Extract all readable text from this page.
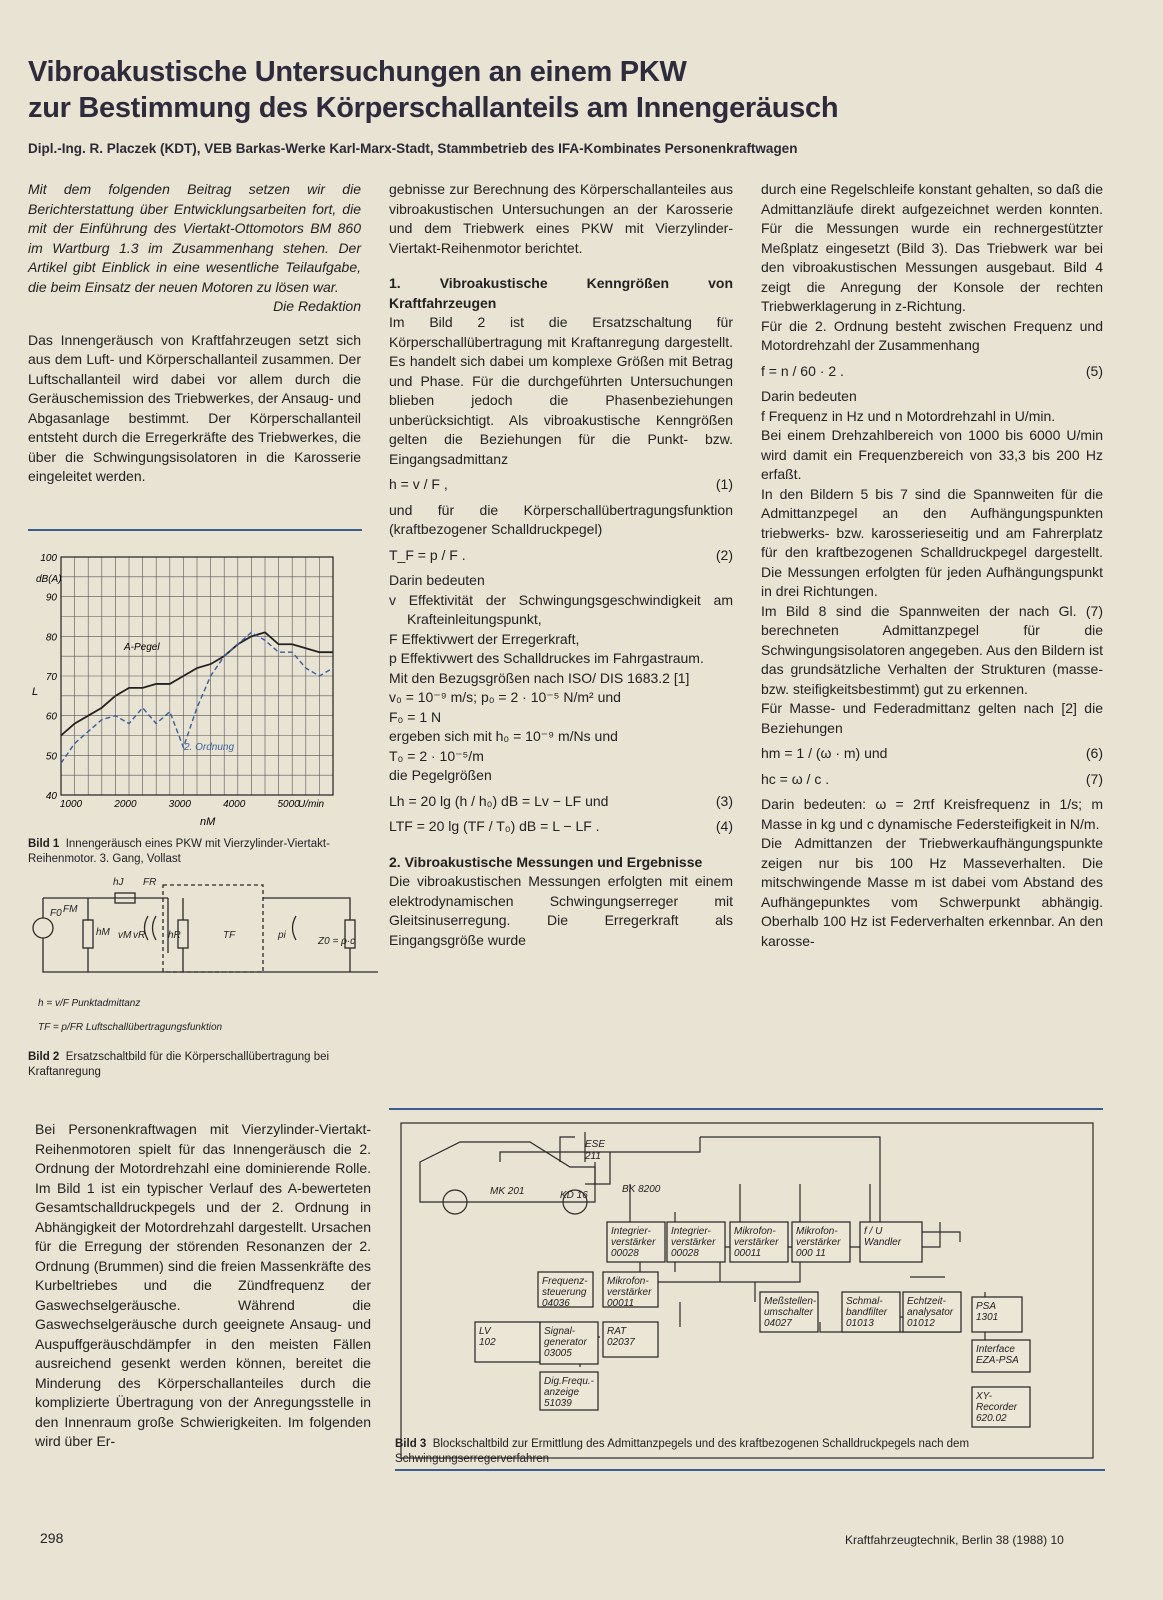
Vibroakustische Untersuchungen an einem PKW
zur Bestimmung des Körperschallanteils am Innengeräusch
Dipl.-Ing. R. Placzek (KDT), VEB Barkas-Werke Karl-Marx-Stadt, Stammbetrieb des IFA-Kombinates Personenkraftwagen

Mit dem folgenden Beitrag setzen wir die Berichterstattung über Entwicklungsarbeiten fort, die mit der Einführung des Viertakt-Ottomotors BM 860 im Wartburg 1.3 im Zusammenhang stehen. Der Artikel gibt Einblick in eine wesentliche Teilaufgabe, die beim Einsatz der neuen Motoren zu lösen war.

Die Redaktion

Das Innengeräusch von Kraftfahrzeugen setzt sich aus dem Luft- und Körperschallanteil zusammen. Der Luftschallanteil wird dabei vor allem durch die Geräuschemission des Triebwerkes, der Ansaug- und Abgasanlage bestimmt. Der Körperschallanteil entsteht durch die Erregerkräfte des Triebwerkes, die über die Schwingungsisolatoren in die Karosserie eingeleitet werden.

40
50
60
70
80
90
100
1000	2000	3000	4000	5000
dB(A)
L
U/min
nM
A-Pegel
2. Ordnung
Bild 1 Innengeräusch eines PKW mit Vierzylinder-Viertakt-Reihenmotor. 3. Gang, Vollast
hJ FR
F0 FM
hM vM vR hR	TF	pi
Z0 = ρ·c
h = v/F Punktadmittanz
TF = p/FR Luftschallübertragungsfunktion
Bild 2 Ersatzschaltbild für die Körperschallübertragung bei Kraftanregung

gebnisse zur Berechnung des Körperschallanteiles aus vibroakustischen Untersuchungen an der Karosserie und dem Triebwerk eines PKW mit Vierzylinder-Viertakt-Reihenmotor berichtet.

1. Vibroakustische Kenngrößen von Kraftfahrzeugen

Im Bild 2 ist die Ersatzschaltung für Körperschallübertragung mit Kraftanregung dargestellt. Es handelt sich dabei um komplexe Größen mit Betrag und Phase. Für die durchgeführten Untersuchungen blieben jedoch die Phasenbeziehungen unberücksichtigt. Als vibroakustische Kenngrößen gelten die Beziehungen für die Punkt- bzw. Eingangsadmittanz

h = v / F ,	(1)

und für die Körperschallübertragungsfunktion (kraftbezogener Schalldruckpegel)

T_F = p / F .	(2)

Darin bedeuten

v Effektivität der Schwingungsgeschwindigkeit am Krafteinleitungspunkt,

F Effektivwert der Erregerkraft,

p Effektivwert des Schalldruckes im Fahrgastraum.

Mit den Bezugsgrößen nach ISO/ DIS 1683.2 [1]

v₀ = 10⁻⁹ m/s; p₀ = 2 · 10⁻⁵ N/m² und

F₀ = 1 N

ergeben sich mit h₀ = 10⁻⁹ m/Ns und

T₀ = 2 · 10⁻⁵/m

die Pegelgrößen

Lh = 20 lg (h / h₀) dB = Lv − LF und	(3)

LTF = 20 lg (TF / T₀) dB = L − LF .	(4)

2. Vibroakustische Messungen und Ergebnisse

Die vibroakustischen Messungen erfolgten mit einem elektrodynamischen Schwingungserreger mit Gleitsinuserregung. Die Erregerkraft als Eingangsgröße wurde

durch eine Regelschleife konstant gehalten, so daß die Admittanzläufe direkt aufgezeichnet werden konnten. Für die Messungen wurde ein rechnergestützter Meßplatz eingesetzt (Bild 3). Das Triebwerk war bei den vibroakustischen Messungen ausgebaut. Bild 4 zeigt die Anregung der Konsole der rechten Triebwerklagerung in z-Richtung.

Für die 2. Ordnung besteht zwischen Frequenz und Motordrehzahl der Zusammenhang

f = n / 60 · 2 .	(5)

Darin bedeuten

f Frequenz in Hz und n Motordrehzahl in U/min.

Bei einem Drehzahlbereich von 1000 bis 6000 U/min wird damit ein Frequenzbereich von 33,3 bis 200 Hz erfaßt.

In den Bildern 5 bis 7 sind die Spannweiten für die Admittanzpegel an den Aufhängungspunkten triebwerks- bzw. karosserieseitig und am Fahrerplatz für den kraftbezogenen Schalldruckpegel dargestellt. Die Messungen erfolgten für jeden Aufhängungspunkt in drei Richtungen.

Im Bild 8 sind die Spannweiten der nach Gl. (7) berechneten Admittanzpegel für die Schwingungsisolatoren angegeben. Aus den Bildern ist das grundsätzliche Verhalten der Strukturen (masse- bzw. steifigkeitsbestimmt) gut zu erkennen.

Für Masse- und Federadmittanz gelten nach [2] die Beziehungen

hm = 1 / (ω · m) und	(6)

hc = ω / c .	(7)

Darin bedeuten: ω = 2πf Kreisfrequenz in 1/s; m Masse in kg und c dynamische Federsteifigkeit in N/m.

Die Admittanzen der Triebwerkaufhängungspunkte zeigen nur bis 100 Hz Masseverhalten. Die mitschwingende Masse m ist dabei vom Abstand des Aufhängepunktes vom Schwerpunkt abhängig. Oberhalb 100 Hz ist Federverhalten erkennbar. An den karosse-

Bei Personenkraftwagen mit Vierzylinder-Viertakt-Reihenmotoren spielt für das Innengeräusch die 2. Ordnung der Motordrehzahl eine dominierende Rolle. Im Bild 1 ist ein typischer Verlauf des A-bewerteten Gesamtschalldruckpegels und der 2. Ordnung in Abhängigkeit der Motordrehzahl dargestellt. Ursachen für die Erregung der störenden Resonanzen der 2. Ordnung (Brummen) sind die freien Massenkräfte des Kurbeltriebes und die Zündfrequenz der Gaswechselgeräusche. Während die Gaswechselgeräusche durch geeignete Ansaug- und Auspuffgeräuschdämpfer in den meisten Fällen ausreichend gesenkt werden können, bereitet die Minderung des Körperschallanteiles durch die komplizierte Übertragung von der Anregungsstelle in den Innenraum große Schwierigkeiten. Im folgenden wird über Er-

Integrier-
verstärker
00028
Integrier-
verstärker
00028
Mikrofon-
verstärker
00011
Mikrofon-
verstärker
000 11
f / U
Wandler
Frequenz-
steuerung
04036
Mikrofon-
verstärker
00011	Meßstellen-
umschalter
04027
Schmal-
bandfilter
01013
Echtzeit-
analysator
01012
PSA
1301
LV
102
Signal-
generator
03005
RAT
02037
Interface
EZA-PSA
Dig.Frequ.-
anzeige
51039
XY-
Recorder
620.02
ESE
211
MK 201	KD 16
BK 8200
Bild 3 Blockschaltbild zur Ermittlung des Admittanzpegels und des kraftbezogenen Schalldruckpegels nach dem Schwingungserregerverfahren
298	Kraftfahrzeugtechnik, Berlin 38 (1988) 10
